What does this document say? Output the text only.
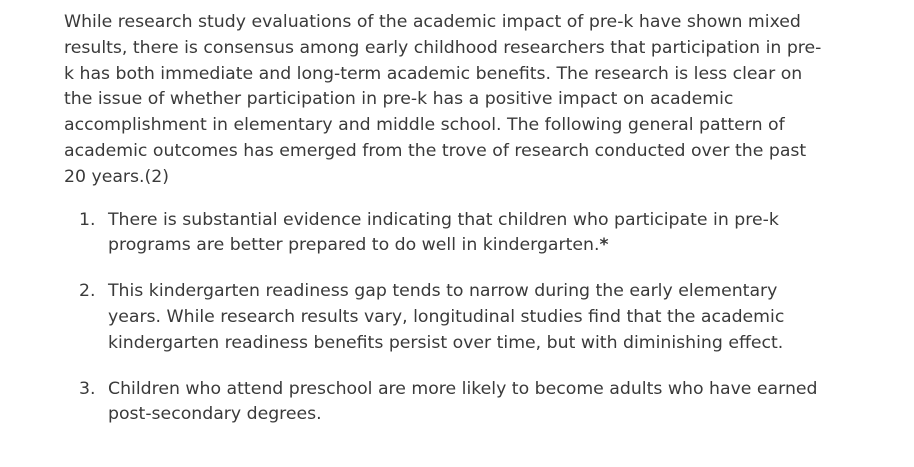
While research study evaluations of the academic impact of pre-k have shown mixed results, there is consensus among early childhood researchers that participation in pre-k has both immediate and long-term academic benefits. The research is less clear on the issue of whether participation in pre-k has a positive impact on academic accomplishment in elementary and middle school. The following general pattern of academic outcomes has emerged from the trove of research conducted over the past 20 years.(2)

1. There is substantial evidence indicating that children who participate in pre-k programs are better prepared to do well in kindergarten.*
2. This kindergarten readiness gap tends to narrow during the early elementary years. While research results vary, longitudinal studies find that the academic kindergarten readiness benefits persist over time, but with diminishing effect.
3. Children who attend preschool are more likely to become adults who have earned post-secondary degrees.
